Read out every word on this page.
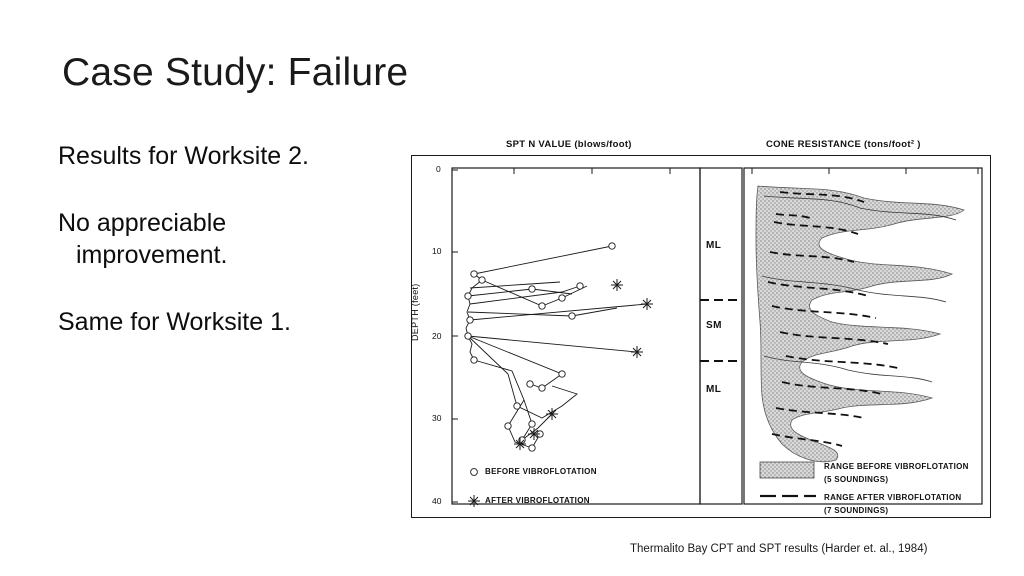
Case Study: Failure

Results for Worksite 2.

No appreciable
improvement.

Same for Worksite 1.

SPT N VALUE (blows/foot)	CONE RESISTANCE (tons/foot² )
DEPTH (feet)
0
10
20
30
40
ML
SM
ML
BEFORE VIBROFLOTATION
AFTER VIBROFLOTATION
RANGE BEFORE VIBROFLOTATION
(5 SOUNDINGS)
RANGE AFTER VIBROFLOTATION
(7 SOUNDINGS)
Thermalito Bay CPT and SPT results (Harder et. al., 1984)
